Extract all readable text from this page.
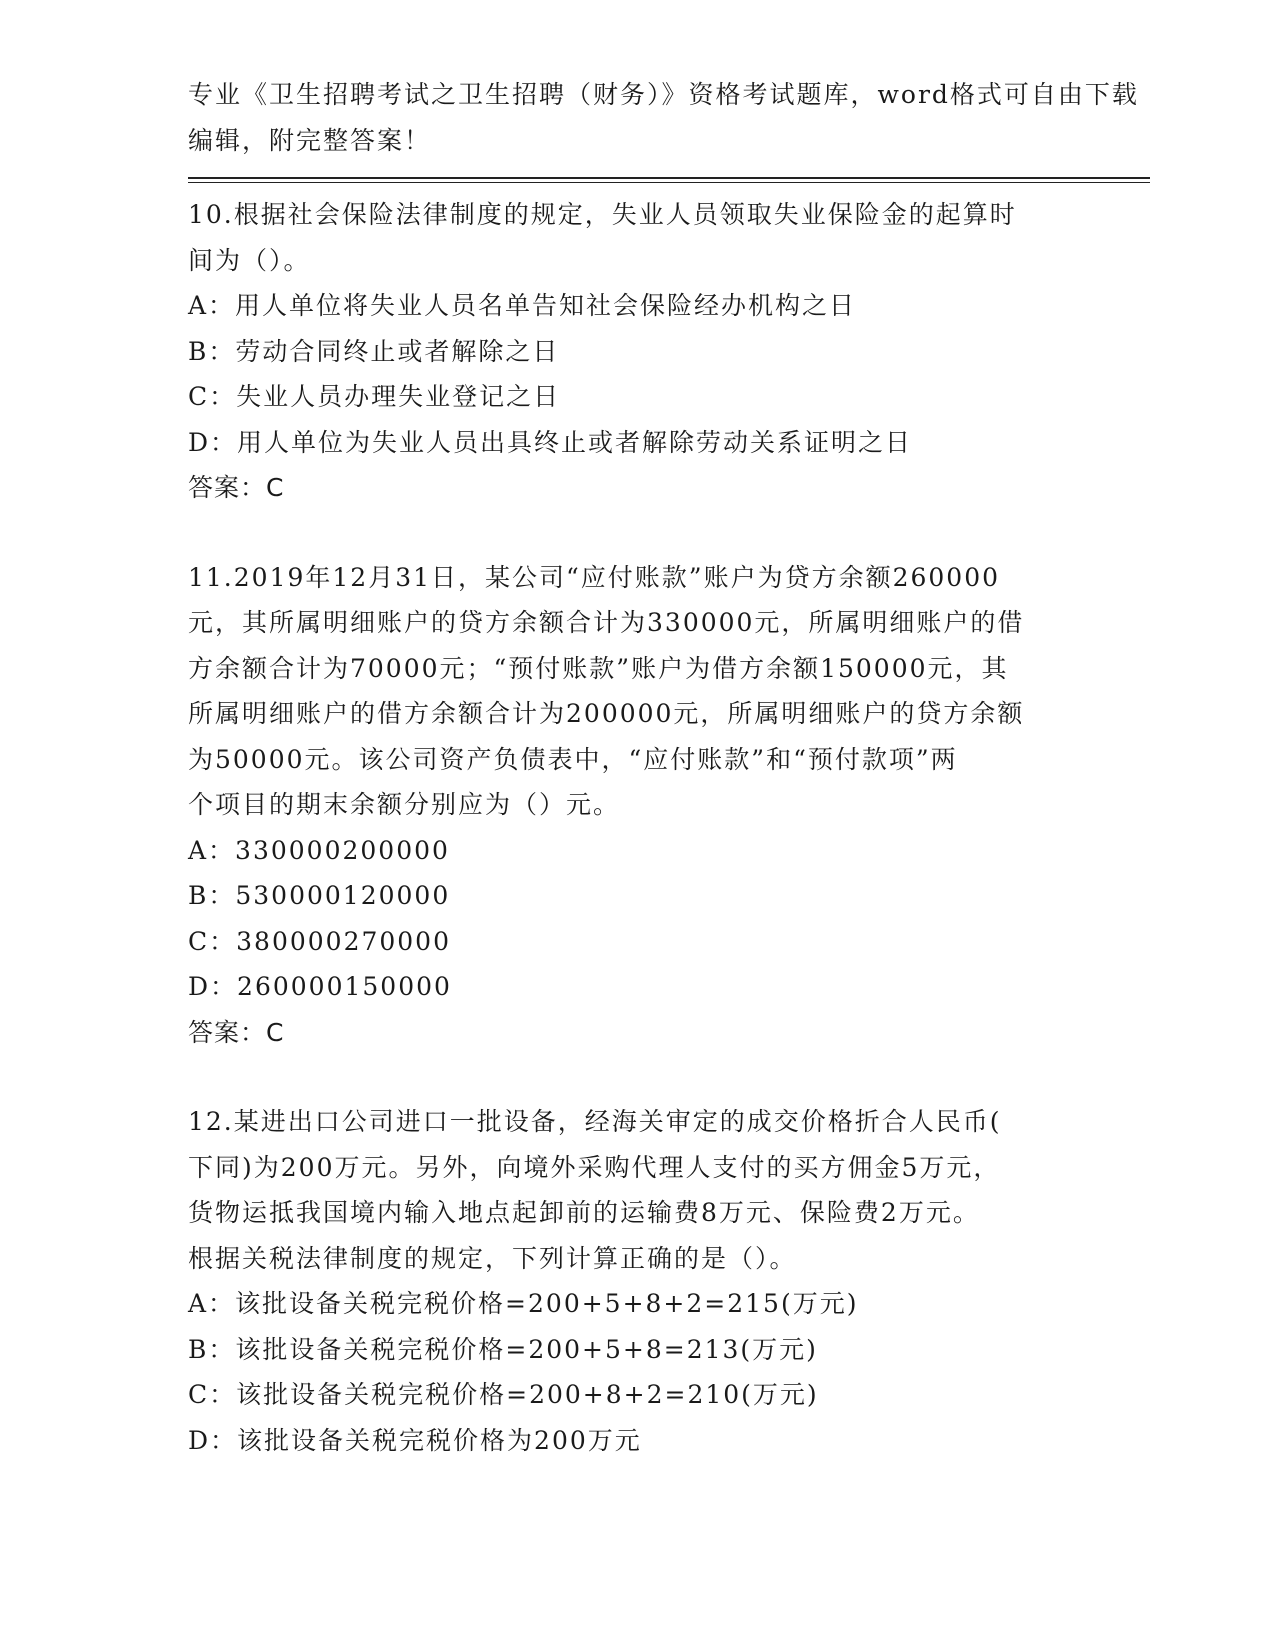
专业《卫生招聘考试之卫生招聘（财务）》资格考试题库，word格式可自由下载
编辑，附完整答案！
10.根据社会保险法律制度的规定，失业人员领取失业保险金的起算时
间为（）。
A：用人单位将失业人员名单告知社会保险经办机构之日
B：劳动合同终止或者解除之日
C：失业人员办理失业登记之日
D：用人单位为失业人员出具终止或者解除劳动关系证明之日
答案：C
11.2019年12月31日，某公司“应付账款”账户为贷方余额260000
元，其所属明细账户的贷方余额合计为330000元，所属明细账户的借
方余额合计为70000元；“预付账款”账户为借方余额150000元，其
所属明细账户的借方余额合计为200000元，所属明细账户的贷方余额
为50000元。该公司资产负债表中，“应付账款”和“预付款项”两
个项目的期末余额分别应为（）元。
A：330000200000
B：530000120000
C：380000270000
D：260000150000
答案：C
12.某进出口公司进口一批设备，经海关审定的成交价格折合人民币(
下同)为200万元。另外，向境外采购代理人支付的买方佣金5万元，
货物运抵我国境内输入地点起卸前的运输费8万元、保险费2万元。
根据关税法律制度的规定，下列计算正确的是（）。
A：该批设备关税完税价格=200+5+8+2=215(万元)
B：该批设备关税完税价格=200+5+8=213(万元)
C：该批设备关税完税价格=200+8+2=210(万元)
D：该批设备关税完税价格为200万元
